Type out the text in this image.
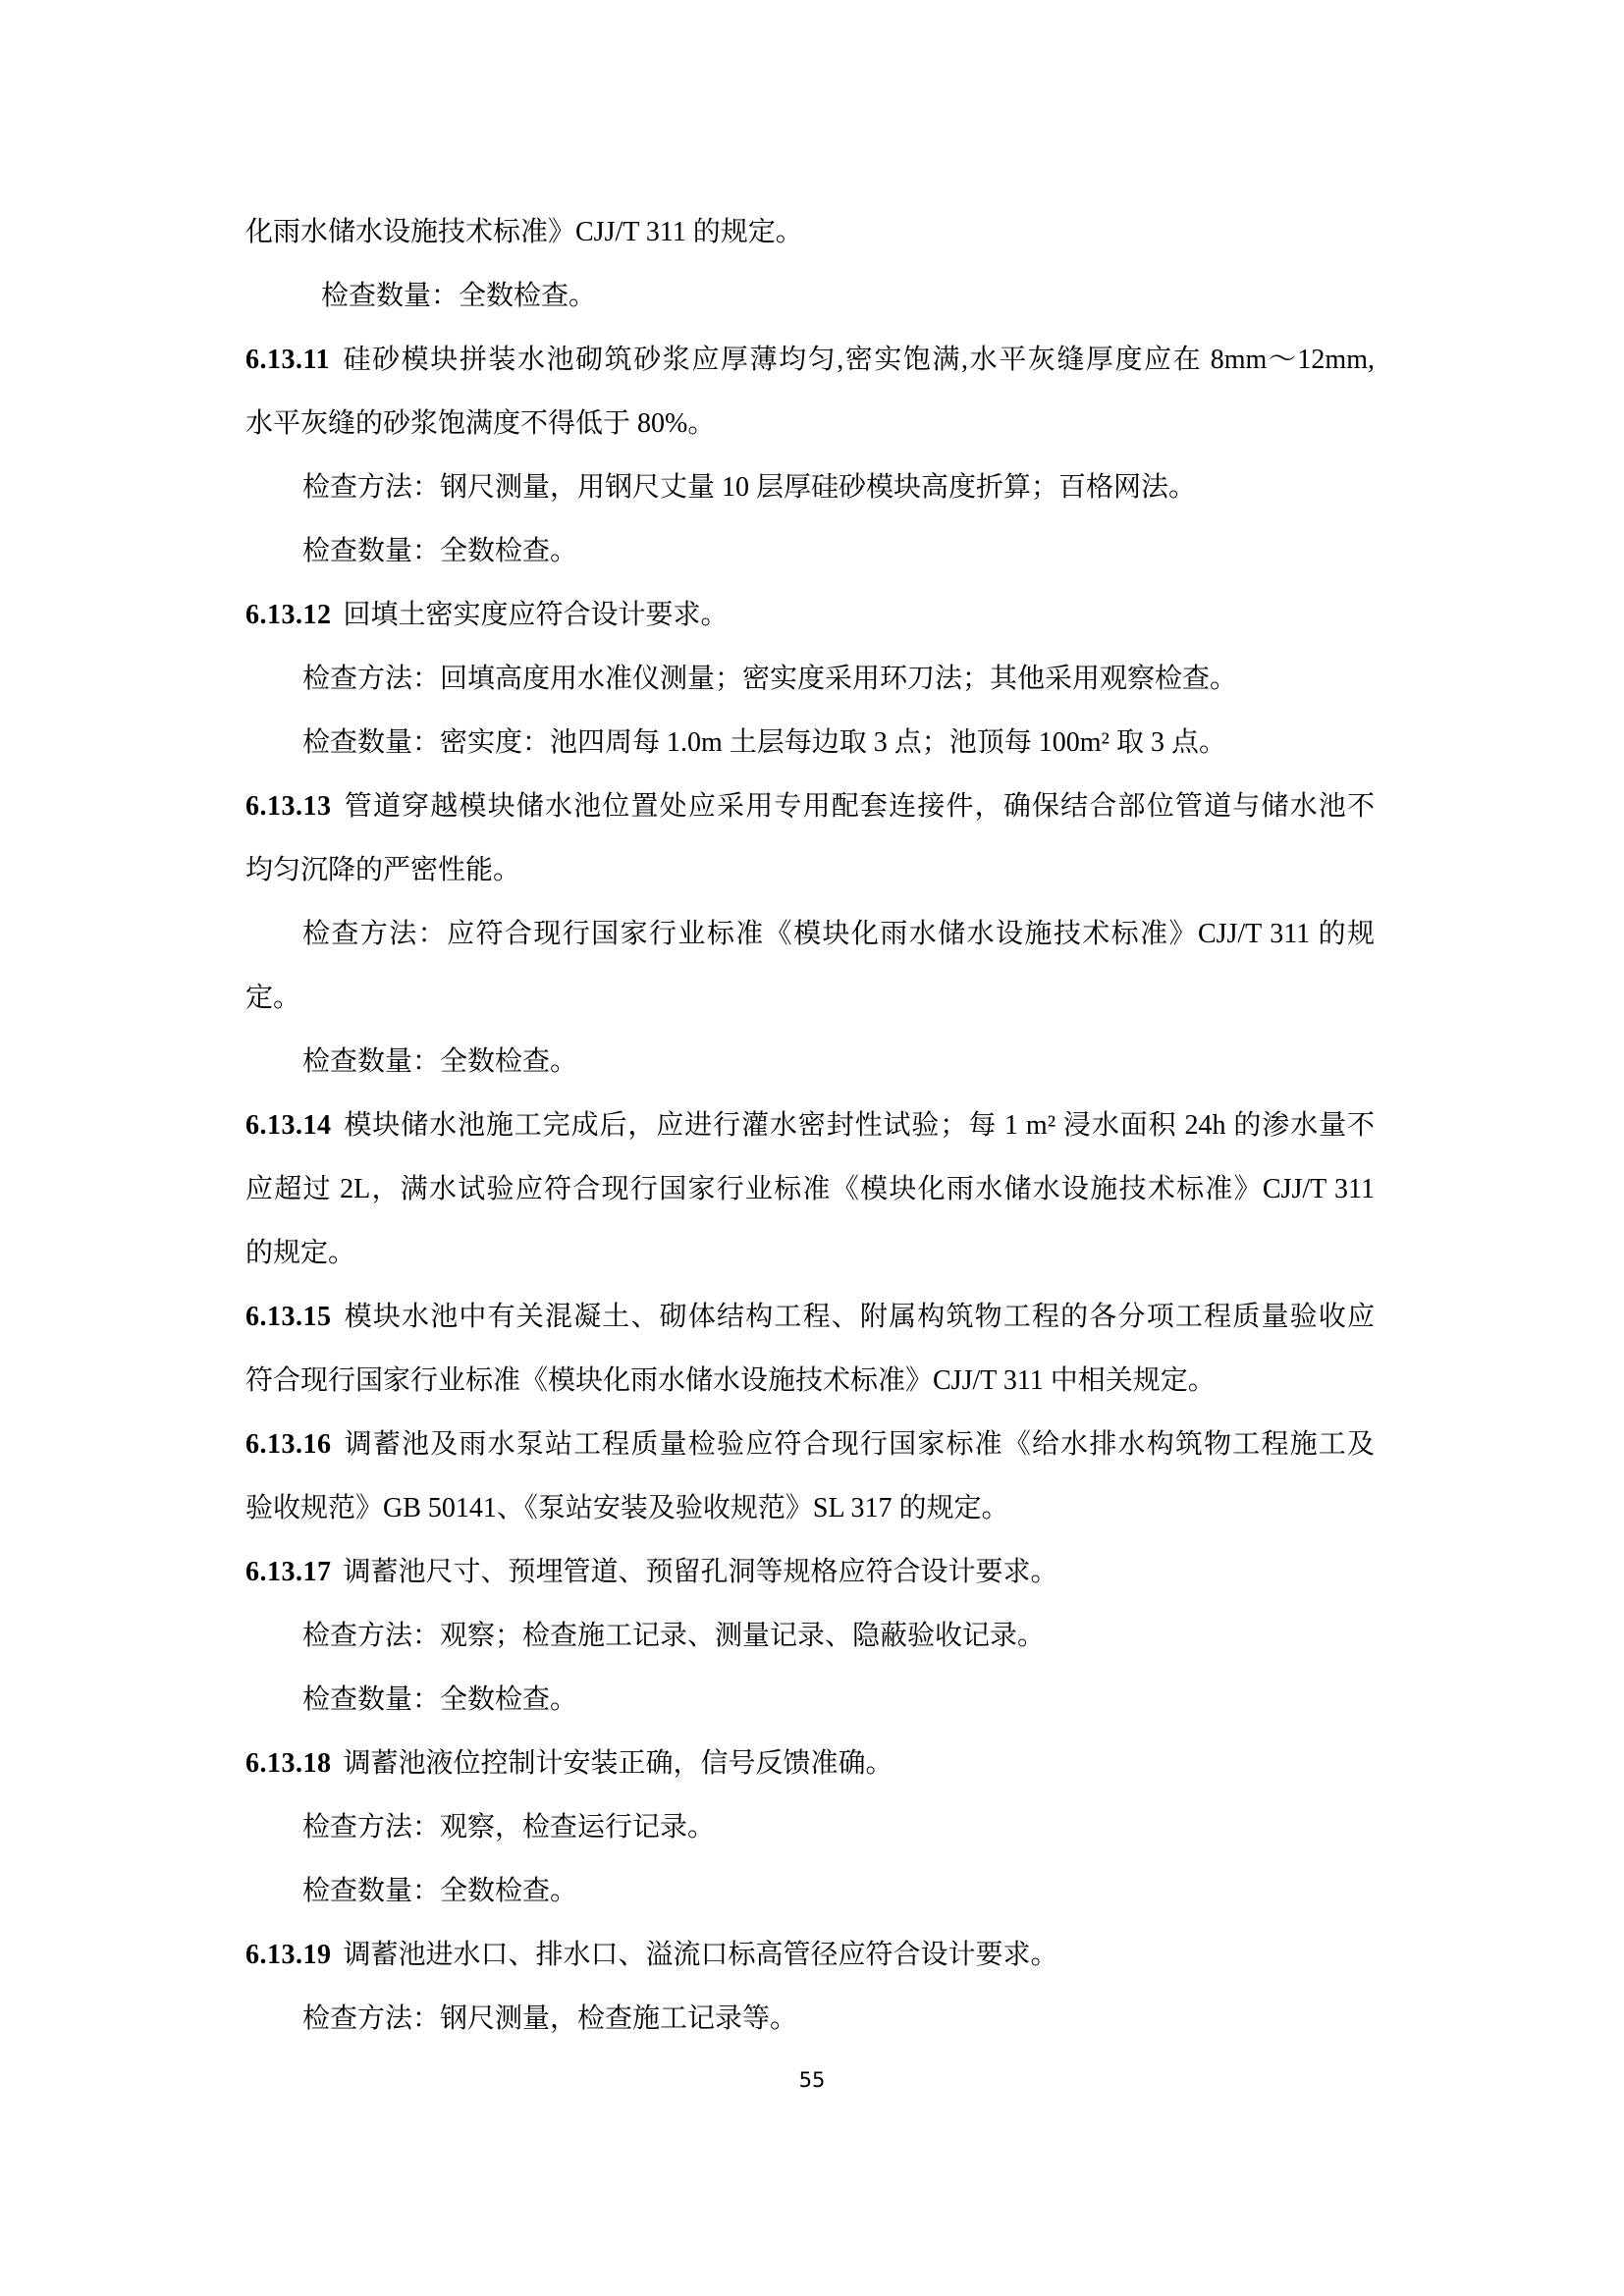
化雨水储水设施技术标准》CJJ/T 311 的规定。
检查数量：全数检查。
6.13.11 硅砂模块拼装水池砌筑砂浆应厚薄均匀,密实饱满,水平灰缝厚度应在 8mm～12mm,
水平灰缝的砂浆饱满度不得低于 80%。
检查方法：钢尺测量，用钢尺丈量 10 层厚硅砂模块高度折算；百格网法。
检查数量：全数检查。
6.13.12 回填土密实度应符合设计要求。
检查方法：回填高度用水准仪测量；密实度采用环刀法；其他采用观察检查。
检查数量：密实度：池四周每 1.0m 土层每边取 3 点；池顶每 100m² 取 3 点。
6.13.13 管道穿越模块储水池位置处应采用专用配套连接件，确保结合部位管道与储水池不
均匀沉降的严密性能。
检查方法：应符合现行国家行业标准《模块化雨水储水设施技术标准》CJJ/T 311 的规
定。
检查数量：全数检查。
6.13.14 模块储水池施工完成后，应进行灌水密封性试验；每 1 m² 浸水面积 24h 的渗水量不
应超过 2L，满水试验应符合现行国家行业标准《模块化雨水储水设施技术标准》CJJ/T 311
的规定。
6.13.15 模块水池中有关混凝土、砌体结构工程、附属构筑物工程的各分项工程质量验收应
符合现行国家行业标准《模块化雨水储水设施技术标准》CJJ/T 311 中相关规定。
6.13.16 调蓄池及雨水泵站工程质量检验应符合现行国家标准《给水排水构筑物工程施工及
验收规范》GB 50141、《泵站安装及验收规范》SL 317 的规定。
6.13.17 调蓄池尺寸、预埋管道、预留孔洞等规格应符合设计要求。
检查方法：观察；检查施工记录、测量记录、隐蔽验收记录。
检查数量：全数检查。
6.13.18 调蓄池液位控制计安装正确，信号反馈准确。
检查方法：观察，检查运行记录。
检查数量：全数检查。
6.13.19 调蓄池进水口、排水口、溢流口标高管径应符合设计要求。
检查方法：钢尺测量，检查施工记录等。
55
